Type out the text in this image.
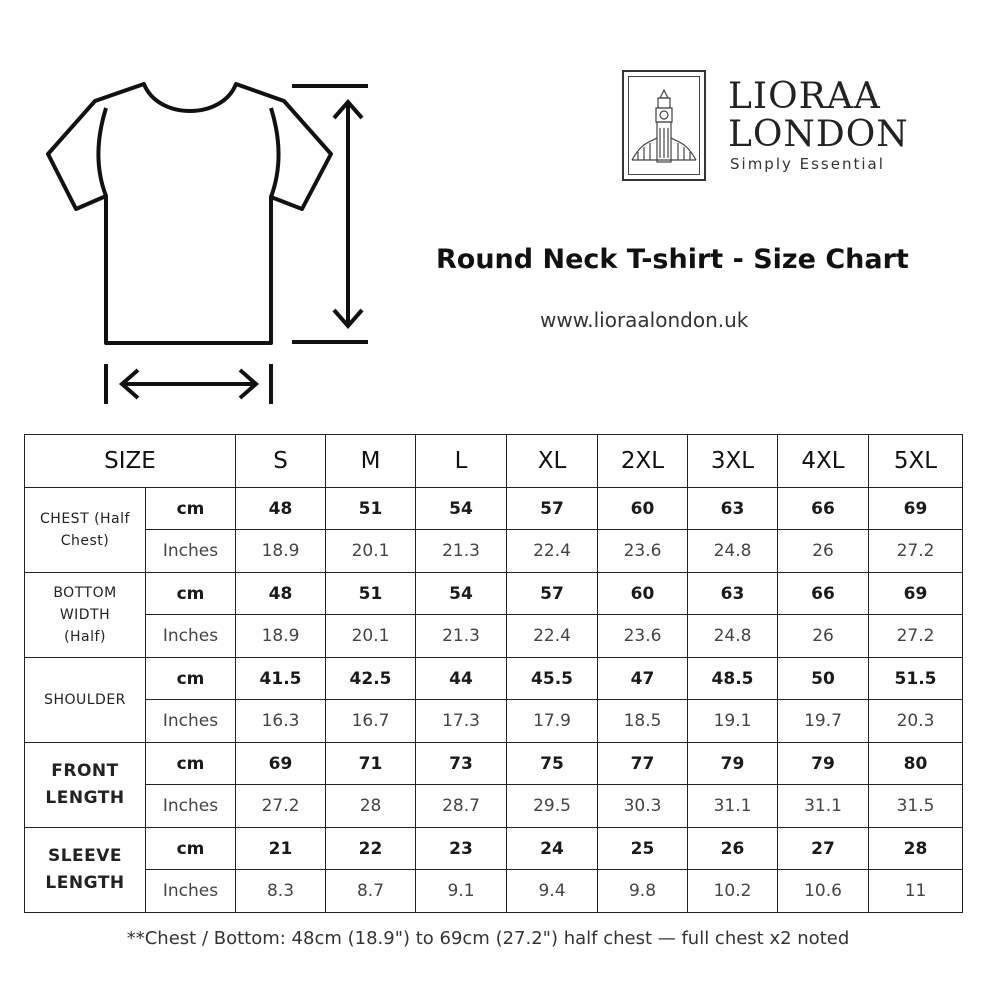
LIORAA
LONDON
Simply Essential
Round Neck T-shirt - Size Chart
www.lioraalondon.uk
SIZE		S	M	L	XL	2XL	3XL	4XL	5XL

CHEST (Half
Chest)	cm	48	51	54	57	60	63	66	69
	Inches	18.9	20.1	21.3	22.4	23.6	24.8	26	27.2

BOTTOM
WIDTH
(Half)	cm	48	51	54	57	60	63	66	69
	Inches	18.9	20.1	21.3	22.4	23.6	24.8	26	27.2

SHOULDER	cm	41.5	42.5	44	45.5	47	48.5	50	51.5
	Inches	16.3	16.7	17.3	17.9	18.5	19.1	19.7	20.3

FRONT
LENGTH	cm	69	71	73	75	77	79	79	80
	Inches	27.2	28	28.7	29.5	30.3	31.1	31.1	31.5

SLEEVE
LENGTH	cm	21	22	23	24	25	26	27	28
	Inches	8.3	8.7	9.1	9.4	9.8	10.2	10.6	11
**Chest / Bottom: 48cm (18.9") to 69cm (27.2") half chest — full chest x2 noted
